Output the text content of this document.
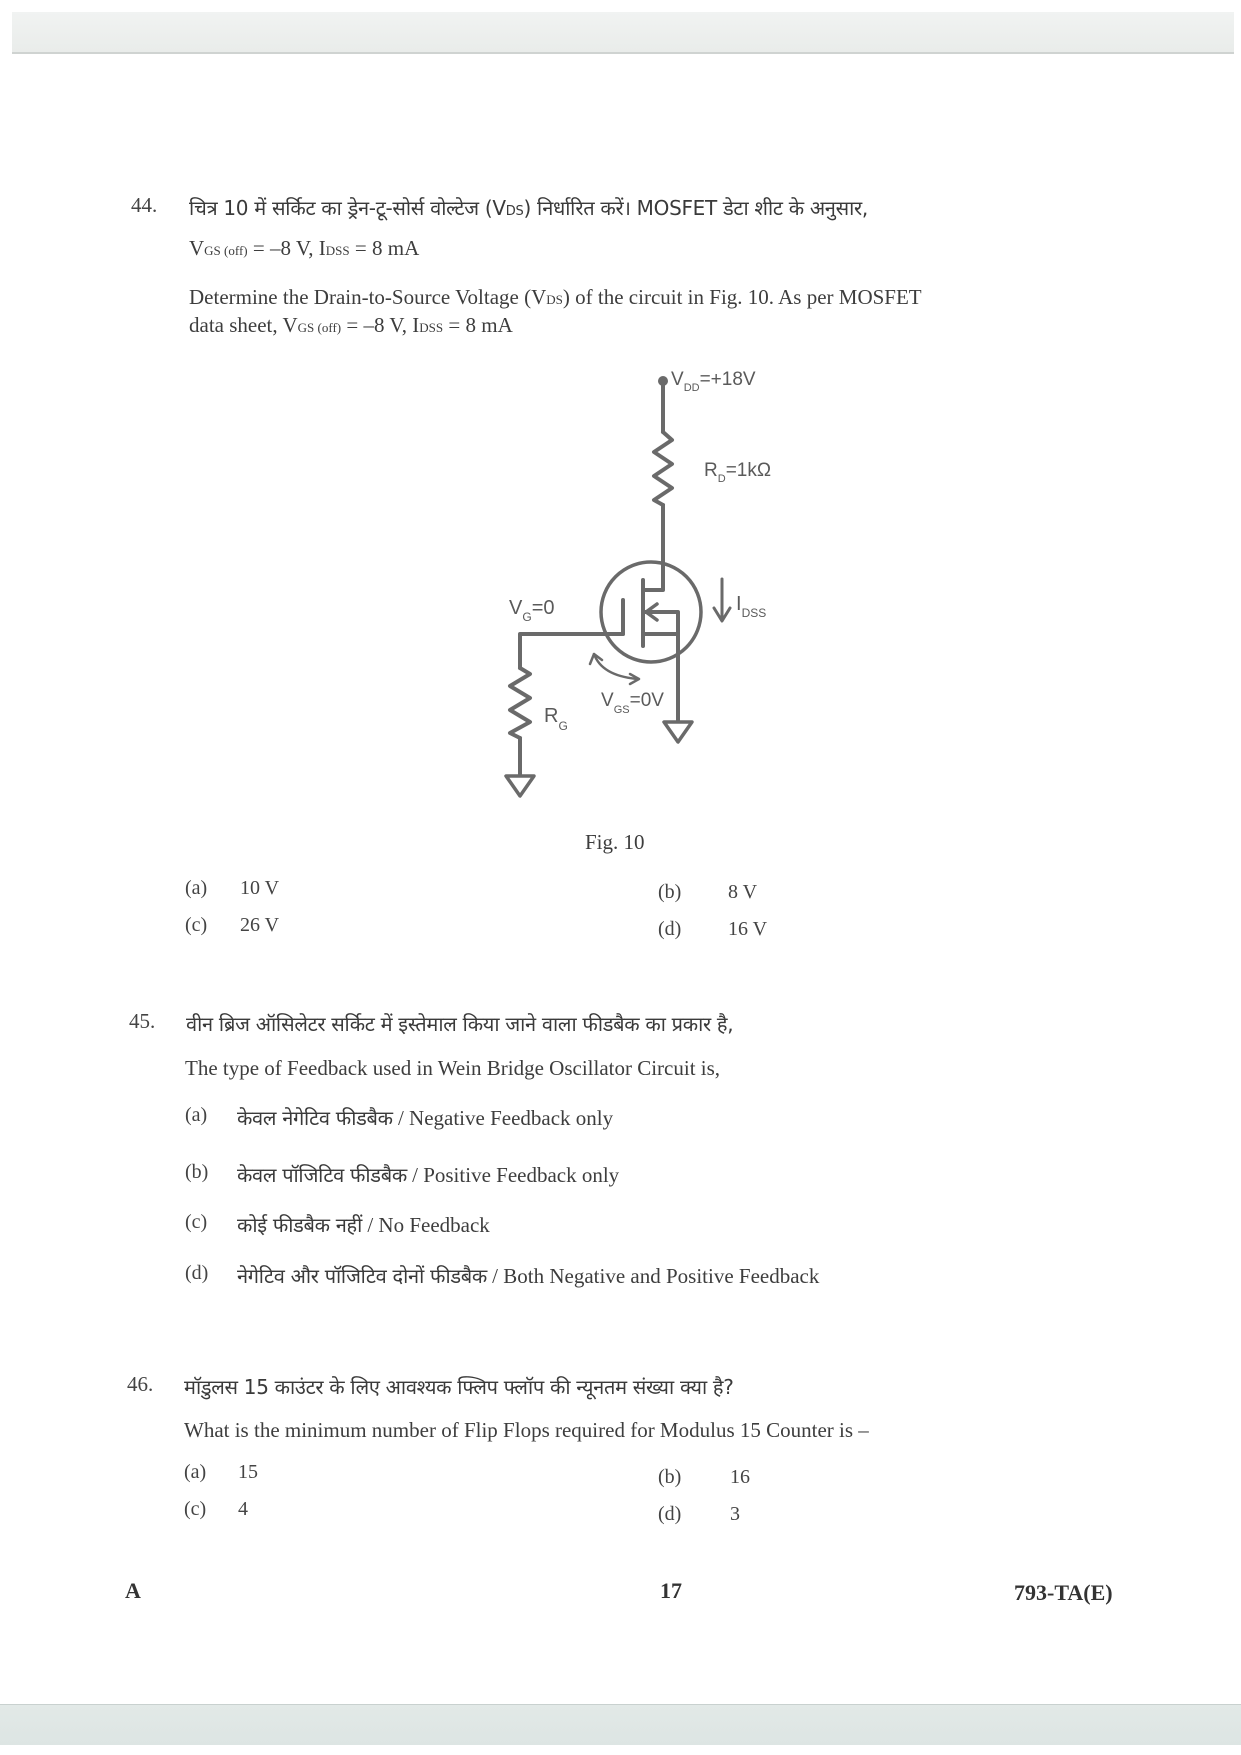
44. चित्र 10 में सर्किट का ड्रेन-टू-सोर्स वोल्टेज (VDS) निर्धारित करें। MOSFET डेटा शीट के अनुसार,
VGS (off) = –8 V, IDSS = 8 mA
Determine the Drain-to-Source Voltage (VDS) of the circuit in Fig. 10. As per MOSFET
data sheet, VGS (off) = –8 V, IDSS = 8 mA
$V_{DD}=+18V$
$R_D=1k\Omega$
$V_G=0$	$I_{DSS}$
$V_{GS}=0V$
$R_G$
Fig. 10
(a) 10 V	(b) 8 V
(c) 26 V	(d) 16 V
45. वीन ब्रिज ऑसिलेटर सर्किट में इस्तेमाल किया जाने वाला फीडबैक का प्रकार है,
The type of Feedback used in Wein Bridge Oscillator Circuit is,
(a) केवल नेगेटिव फीडबैक / Negative Feedback only
(b) केवल पॉजिटिव फीडबैक / Positive Feedback only
(c) कोई फीडबैक नहीं / No Feedback
(d) नेगेटिव और पॉजिटिव दोनों फीडबैक / Both Negative and Positive Feedback
46. मॉडुलस 15 काउंटर के लिए आवश्यक फ्लिप फ्लॉप की न्यूनतम संख्या क्या है?
What is the minimum number of Flip Flops required for Modulus 15 Counter is –
(a) 15	(b) 16
(c) 4	(d) 3
A	17	793-TA(E)
